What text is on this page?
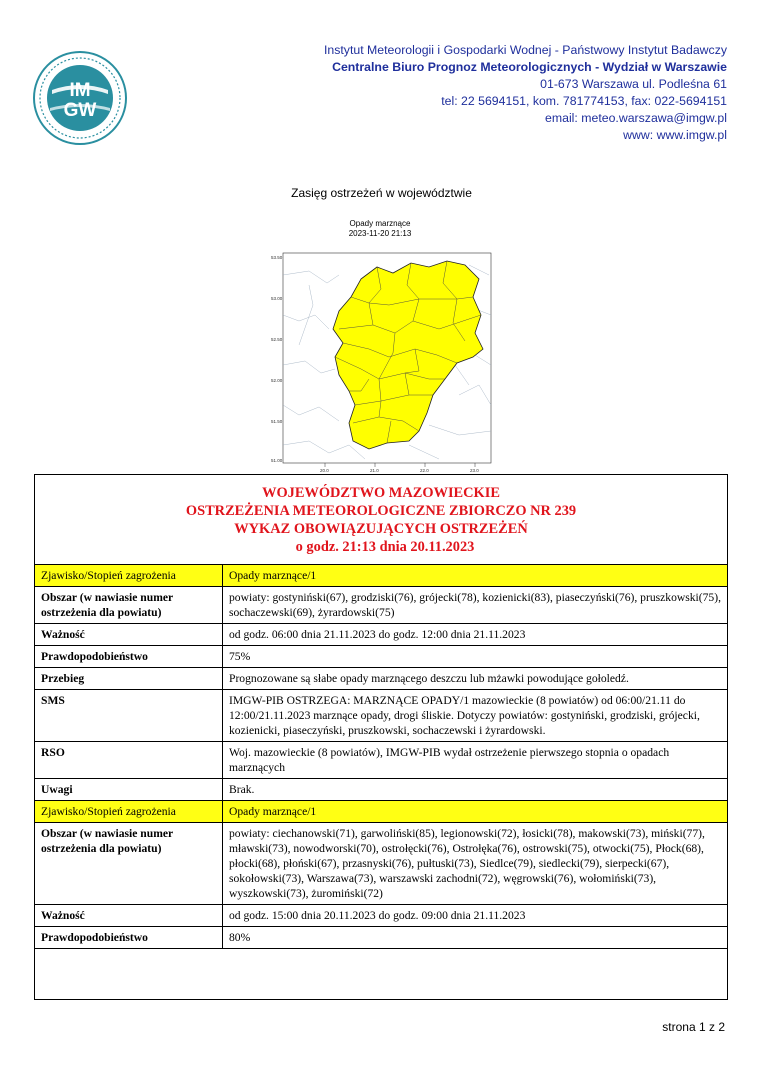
IM
GW
Instytut Meteorologii i Gospodarki Wodnej - Państwowy Instytut Badawczy
Centralne Biuro Prognoz Meteorologicznych - Wydział w Warszawie
01-673 Warszawa ul. Podleśna 61
tel: 22 5694151, kom. 781774153, fax: 022-5694151
email: meteo.warszawa@imgw.pl
www: www.imgw.pl
Zasięg ostrzeżeń w województwie
Opady marznące
2023-11-20 21:13
53.50
53.00
52.50
52.00
51.50
51.00
20.0	21.0	22.0	23.0
WOJEWÓDZTWO MAZOWIECKIE
OSTRZEŻENIA METEOROLOGICZNE ZBIORCZO NR 239
WYKAZ OBOWIĄZUJĄCYCH OSTRZEŻEŃ
o godz. 21:13 dnia 20.11.2023
Zjawisko/Stopień zagrożenia	Opady marznące/1
Obszar (w nawiasie numer ostrzeżenia dla powiatu)	powiaty: gostyniński(67), grodziski(76), grójecki(78), kozienicki(83), piaseczyński(76), pruszkowski(75), sochaczewski(69), żyrardowski(75)
Ważność	od godz. 06:00 dnia 21.11.2023 do godz. 12:00 dnia 21.11.2023
Prawdopodobieństwo	75%
Przebieg	Prognozowane są słabe opady marznącego deszczu lub mżawki powodujące gołoledź.
SMS	IMGW-PIB OSTRZEGA: MARZNĄCE OPADY/1 mazowieckie (8 powiatów) od 06:00/21.11 do 12:00/21.11.2023 marznące opady, drogi śliskie. Dotyczy powiatów: gostyniński, grodziski, grójecki, kozienicki, piaseczyński, pruszkowski, sochaczewski i żyrardowski.
RSO	Woj. mazowieckie (8 powiatów), IMGW-PIB wydał ostrzeżenie pierwszego stopnia o opadach marznących
Uwagi	Brak.
Zjawisko/Stopień zagrożenia	Opady marznące/1
Obszar (w nawiasie numer ostrzeżenia dla powiatu)	powiaty: ciechanowski(71), garwoliński(85), legionowski(72), łosicki(78), makowski(73), miński(77), mławski(73), nowodworski(70), ostrołęcki(76), Ostrołęka(76), ostrowski(75), otwocki(75), Płock(68), płocki(68), płoński(67), przasnyski(76), pułtuski(73), Siedlce(79), siedlecki(79), sierpecki(67), sokołowski(73), Warszawa(73), warszawski zachodni(72), węgrowski(76), wołomiński(73), wyszkowski(73), żuromiński(72)
Ważność	od godz. 15:00 dnia 20.11.2023 do godz. 09:00 dnia 21.11.2023
Prawdopodobieństwo	80%
strona 1 z 2
